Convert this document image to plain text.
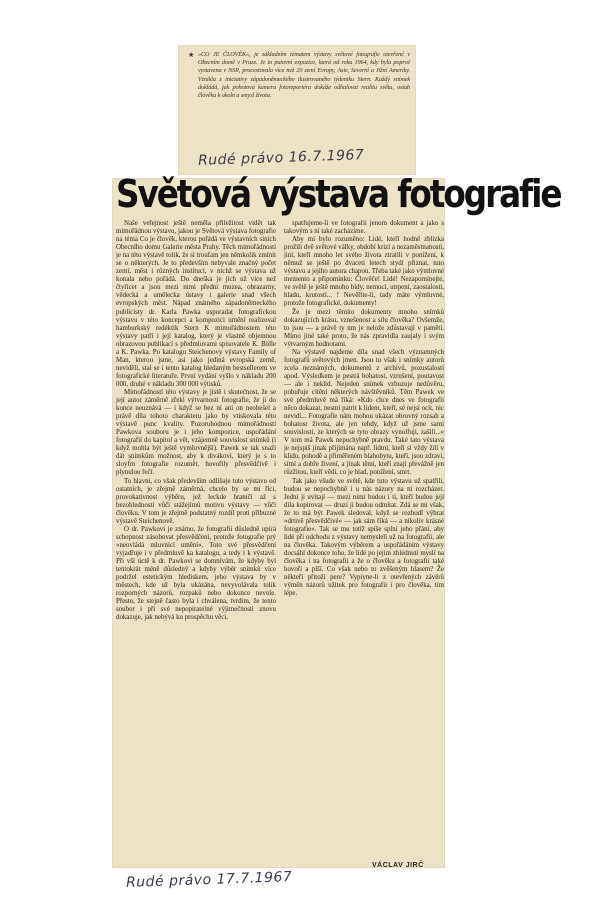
★ »CO JE ČLOVĚK«, je základním tématem výstavy světové fotografie otevřené v Obecním domě v Praze. Je to putovní expozice, která od roku 1964, kdy byla poprvé vystavena v NSR, procestovala více než 20 zemí Evropy, Asie, Severní a Jižní Ameriky. Vznikla z iniciativy západoněmeckého ilustrovaného týdeniku Stern. Každý snímek dokládá, jak pohotová kamera fotoreportéra dokáže odhalovat realitu světa, ostah člověka k okoln a smysl života.
Rudé právo 16.7.1967
Světová výstava fotografie

Naše veřejnost ještě neměla přiležitost vidět tak mimořádnou výstavu, jakou je Světová výstava fotografie na téma Co je člověk, kterou pořádá ve výstavních síních Obecního domu Galerie města Prahy. Těch mimořádností je na této výstavě tolik, že si troufam jen němkolik zmínit se o některých. Je to především nebyvale značný počet zemí, měst i různých institucí, v nichž se výstava už konala nebo pořádá. Do dneška je jích už více než čtyřicet a jsou mezi nimi přední muzea, obrazarny, vědecká a umělecka ústavy i galerie snad všech evropských měst. Nápad známého západoněmeckého publicisty dr. Karla Pawka usporadat fotografickou výstavu v této koncepci a kompozici umění realizoval hamburkský redéktik Stern K mimořádnostem této výstavy patří i její katalog, který je vlastně objemnou obrazovou publikací s předmluvami spisovatele K. Bölle a K. Pawka. Po katalogu Steichenovy výstavy Family of Man, kterou jsme, asi jako jediná evropská země, neviděli, stal se i tento katalog hledaným bestsellerem ve fotografické literatuře. První vydání vyšlo v nákladu 200 000, druhé v nákladu 300 000 výtisků.

Mimořádností této výstavy je jistě i skutečnost, že se její autor záměrně zřekl výtvarnosti fotografie, že ji do konce neuznává — i když se bez ní ani on neobešel a právě díla tohoto charakteru jako by vtiskovala této výstavě punc kvality. Pozoruhodnou mimořádností Pawkova souboru je i jeho kompozice, uspořádání fotografií do kapitol a vět, vzájemně souvislost snímků (i když mohla být ještě vymluvnější). Pawek se tak snaží dát snímkům možnost, aby k divákovi, který je s to sloyf́m fotografie rozumět, hovořily přesvědčivě i plynulou řečí.

To hlavní, co však především odlišuje tuto výstavu od ostatních, je zřejmě záměrná, chcelo by se mi říci, provokativnost výběru, jež leckde hraničí až s bezohledností vůči stážejímů motivu výstavy — vůči člověku. V tom je zřejmě podstatný rozdíl proti příbuzné výstavě Steichenově.

O dr. Pawkovi je známo, že fotografii důsledně upírá schopnost zásobovat přesvědčení, protože fotografie prý »neovládá mluvnicí umění«. Toto své přesvědčení vyjadřuje i v předmluvě ka katalogu, a tedy i k výstavě. Při vší úctě k dr. Pawkovi se domnívám, že kdyby byl tentokrát méně důsledný a kdyby výběr snímků více podržel estetickým hlediskem, jeho výstava by v městech, kde už byla ukázána, nevyvolávala tolik rozporných názorů, rozpaků nebo dokonce nevole. Přesto, že stejně často byla i chválena, tvrdím, že tento soubor i při své nepopiratelné výjimečnosti znovu dokazuje, jak nebývá ku prospěchu věci,

spatfujeme-li ve fotografii jenom dokument a jako s takovým s ní také zacházíme.

Aby mi bylo rozuměno: Lidé, kteří hodně zblizka prožili dvě světové války, období krizí a nezaměstnanosti, jiní, kteří mnoho let svého života ztratili v ponížení, k němuž se ještě po dvaceti letech stydí přiznat, tuto výstavu a jejiho autora chapou. Třeba také jako výmluvné memento a připomínku: Člověče! Lidé! Nezapomínejte, ve světě je ještě mnoho bídy, nemocí, utrpení, zaostalosti, hladu, krutostí... ! Nevěříte-li, tady máte výmluvné, protože fotografické, dokumenty!

Že je mezi těmito dokumenty mnoho snímků dokazujících krásu, vznešenost a sílu člověka? Ovšemže, to jsou — a právě ty nm je nelože zdůstavají v paměti. Mímo jiné také proto, že nás zpravidla zaujaly i svým výtvarným hodnotami.

Na výstavě najdeme díla snad všech významných fotografů světových jmen. Jsou tu však i snímky autorů zcela neznámých, dokumentů z archivů, pozustalostí apod. Výsledkem je pestrá bohatost, vzrušení, poutavost — ale i neklíd. Nejeden snímek vzbuzuje nedůvěru, pobuřuje cítění některých návštěvníků. Těm Pawek ve své předmluvě má říká: »Kdo chce dnes ve fotografii něco dokazat, nesmí patrit k lidem, kteří, sé nejsí ocít, nic nevidí... Fotografie nám mohou ukázat obrovný rozsah a bohatost života, ale jen tehdy, když už jsme sami souvislosti, ze kterých se tyto obrazy vynolfuji, zašili...« V tom má Pawek nepochybně pravdu. Také tato výstava je nejspiš jinak přijímána např. lidmi, kteří si vždy žili v klidu, pohodě a přiměřeném blahobytu, kteří, jsou zdraví, sítní a dobře živení, a jinak těmi, kteří znají převážně jen růzžitou, kteří vědí, co je hlad, ponížení, smrt.

Tak jako všude ve světě, kde tuto výstavu už spatřili, budou se nepochybně i u nás názory na ni rozcházet. Jedni ji uvítají — mezi nimi budou i ti, kteří budou její díla kopirovat — druzí ji budou odmítat. Zdá se mi však, že to má být Pawek sledoval, když se rozhodl výbrat »drtivě přesvědčivé« — jak sám říká — a nikoliv krásné fotografie«. Tak se mu totíž spíše splní jeho přání, aby lidé při odchodu z výstavy nemyslelí už na fotografii, ale na člověka. Takovým výběrem a uspořádáním výstavy docsáhl dokonce toho, že lidé po jejim zhlédnutí myslí na člověka i na fotografii a že o člověku a fotografii také hovoří a píší. Co však nebo to zvěšeným hlasem? Že někteří přitoží pere? Vypiyne-li z otevřených závěrů výměn názorů užitek pro fotografii i pro člověka, tím lépe.

VÁCLAV JIRČ
Rudé právo 17.7.1967
